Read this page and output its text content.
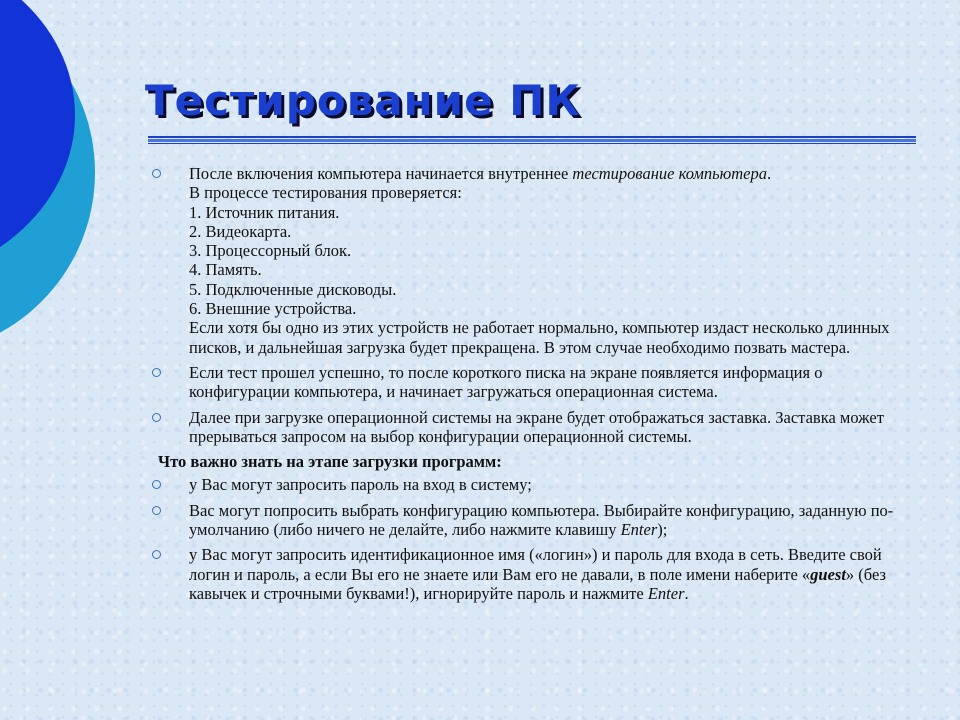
Тестирование ПК
После включения компьютера начинается внутреннее тестирование компьютера.
В процессе тестирования проверяется:
1. Источник питания.
2. Видеокарта.
3. Процессорный блок.
4. Память.
5. Подключенные дисководы.
6. Внешние устройства.
Если хотя бы одно из этих устройств не работает нормально, компьютер издаст несколько длинных писков, и дальнейшая загрузка будет прекращена. В этом случае необходимо позвать мастера.
Если тест прошел успешно, то после короткого писка на экране появляется информация о конфигурации компьютера, и начинает загружаться операционная система.
Далее при загрузке операционной системы на экране будет отображаться заставка. Заставка может прерываться запросом на выбор конфигурации операционной системы.
Что важно знать на этапе загрузки программ:
у Вас могут запросить пароль на вход в систему;
Вас могут попросить выбрать конфигурацию компьютера. Выбирайте конфигурацию, заданную по-умолчанию (либо ничего не делайте, либо нажмите клавишу Enter);
у Вас могут запросить идентификационное имя («логин») и пароль для входа в сеть. Введите свой логин и пароль, а если Вы его не знаете или Вам его не давали, в поле имени наберите «guest» (без кавычек и строчными буквами!), игнорируйте пароль и нажмите Enter.
